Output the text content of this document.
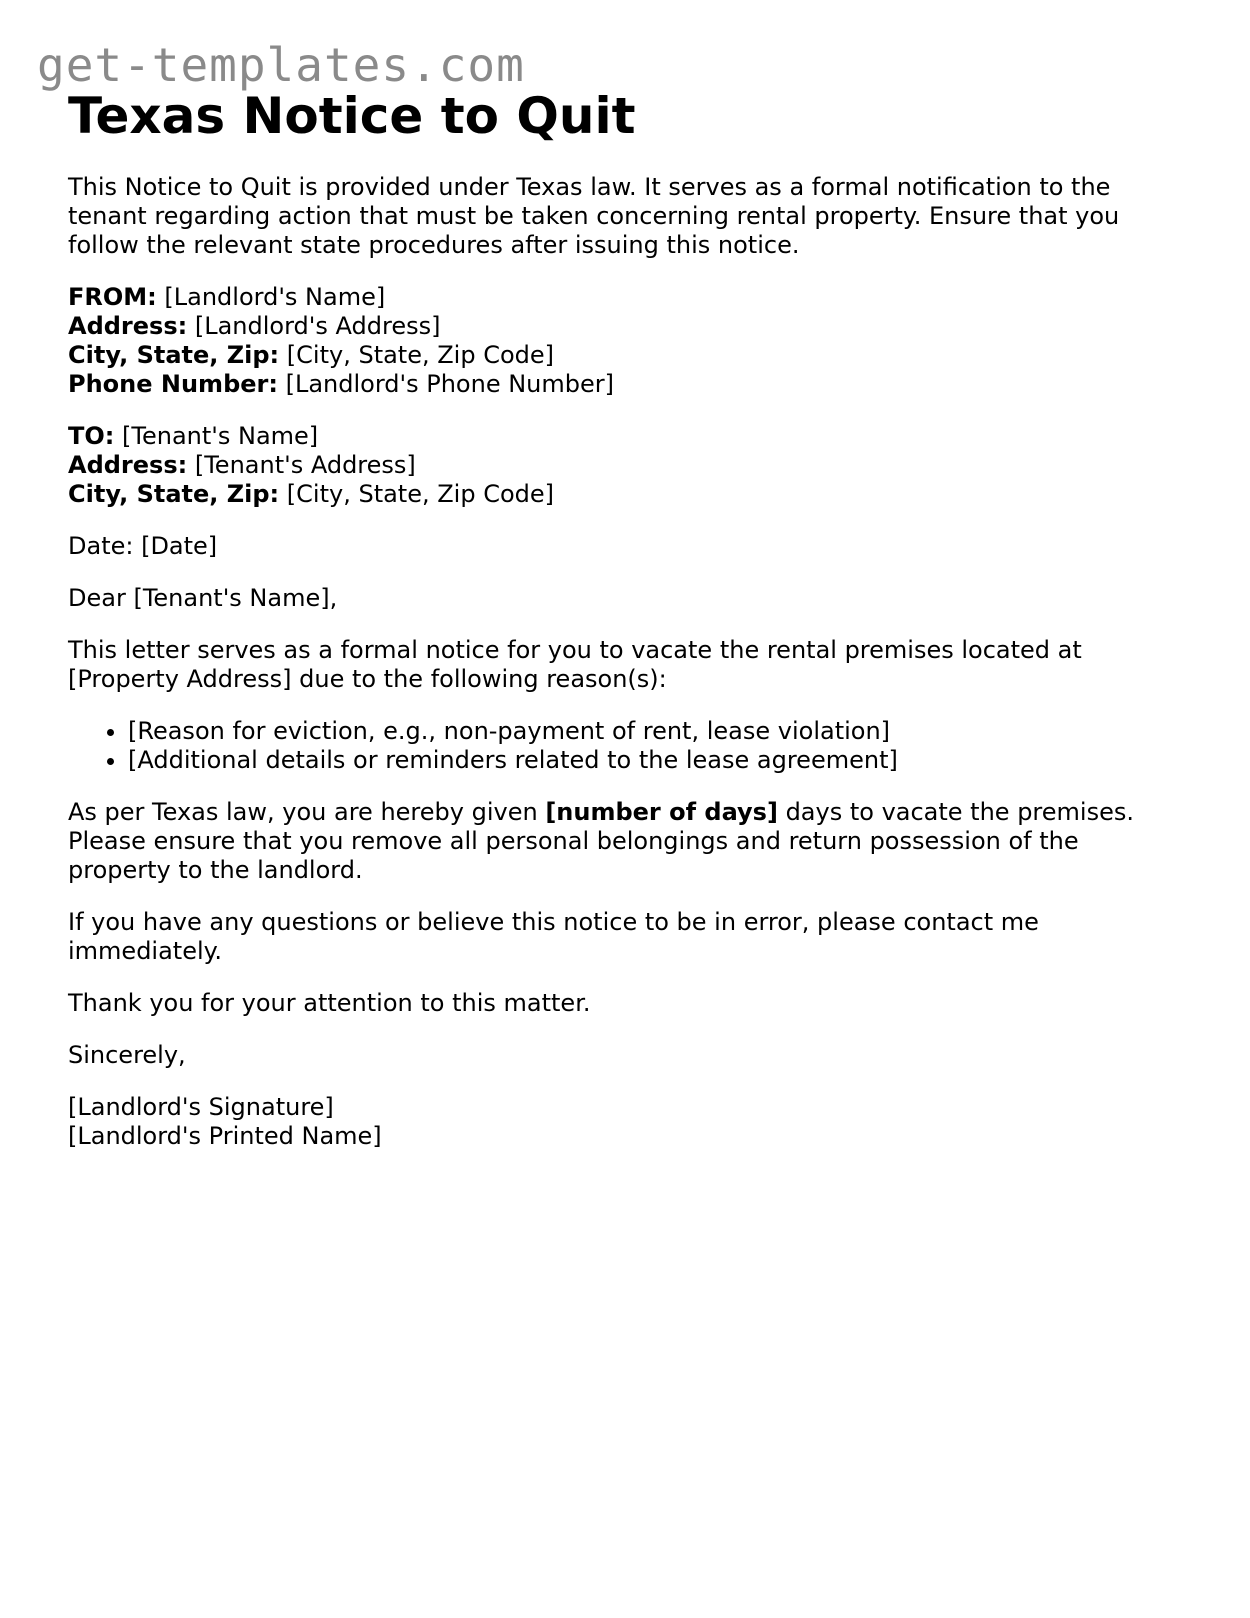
get-templates.com
Texas Notice to Quit

This Notice to Quit is provided under Texas law. It serves as a formal notification to the tenant regarding action that must be taken concerning rental property. Ensure that you follow the relevant state procedures after issuing this notice.

FROM: [Landlord's Name]
Address: [Landlord's Address]
City, State, Zip: [City, State, Zip Code]
Phone Number: [Landlord's Phone Number]
TO: [Tenant's Name]
Address: [Tenant's Address]
City, State, Zip: [City, State, Zip Code]

Date: [Date]

Dear [Tenant's Name],

This letter serves as a formal notice for you to vacate the rental premises located at [Property Address] due to the following reason(s):

• [Reason for eviction, e.g., non-payment of rent, lease violation]
• [Additional details or reminders related to the lease agreement]

As per Texas law, you are hereby given [number of days] days to vacate the premises. Please ensure that you remove all personal belongings and return possession of the property to the landlord.

If you have any questions or believe this notice to be in error, please contact me immediately.

Thank you for your attention to this matter.

Sincerely,

[Landlord's Signature]
[Landlord's Printed Name]
